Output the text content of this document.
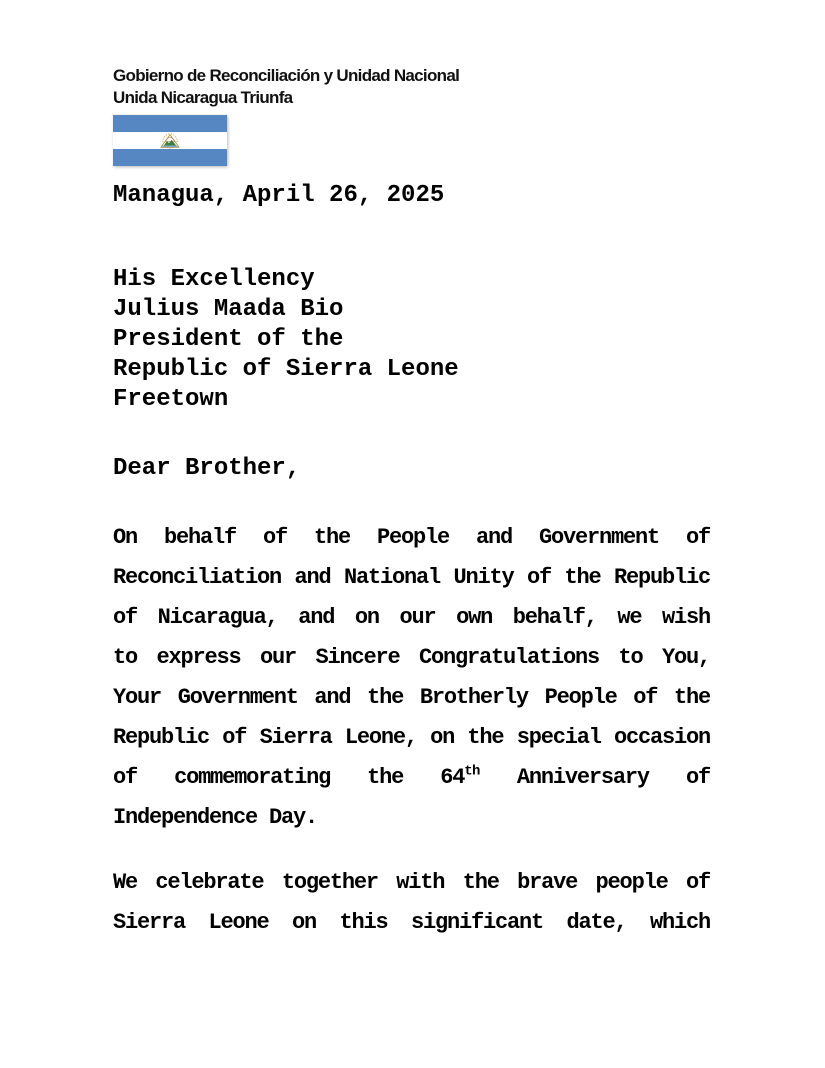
Gobierno de Reconciliación y Unidad Nacional
Unida Nicaragua Triunfa
Managua, April 26, 2025
His Excellency
Julius Maada Bio
President of the
Republic of Sierra Leone
Freetown
Dear Brother,
On behalf of the People and Government of
Reconciliation and National Unity of the Republic
of Nicaragua, and on our own behalf, we wish
to express our Sincere Congratulations to You,
Your Government and the Brotherly People of the
Republic of Sierra Leone, on the special occasion
of commemorating the 64th Anniversary of
Independence Day.
We celebrate together with the brave people of
Sierra Leone on this significant date, which
